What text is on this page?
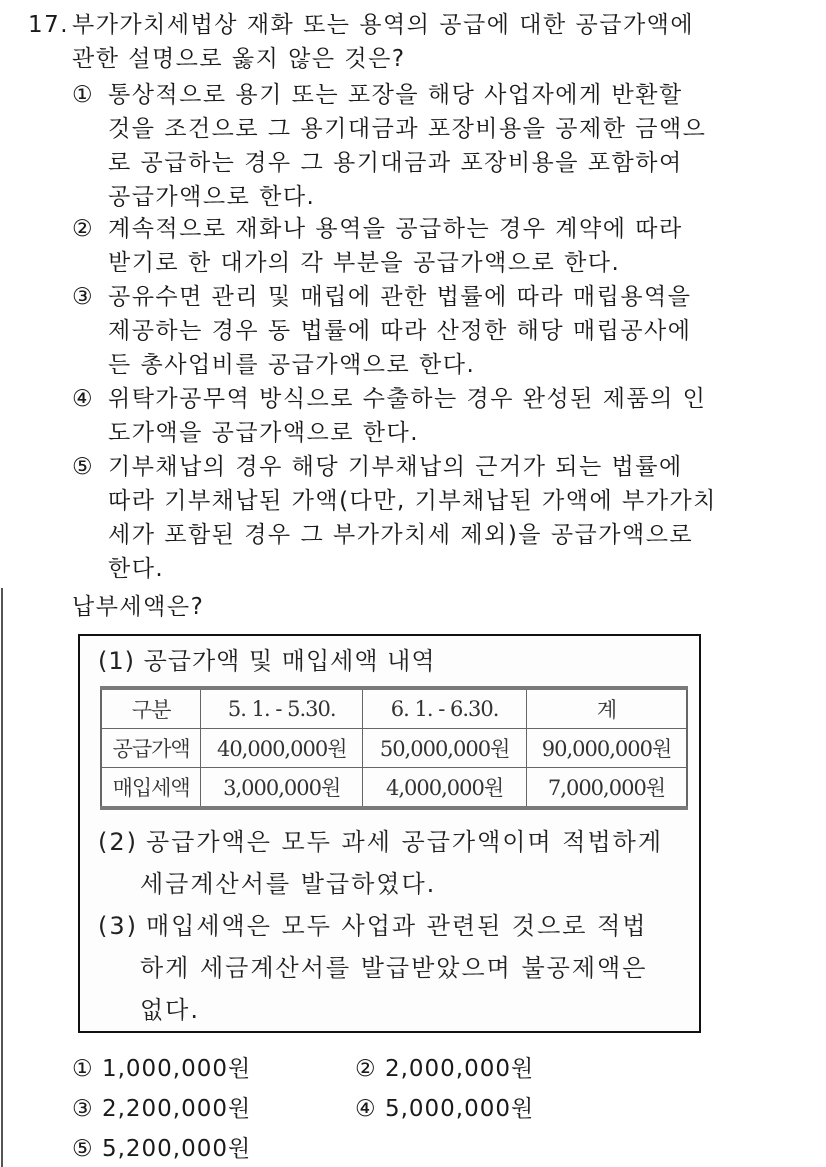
17. 부가가치세법상 재화 또는 용역의 공급에 대한 공급가액에
관한 설명으로 옳지 않은 것은?
① 통상적으로 용기 또는 포장을 해당 사업자에게 반환할
것을 조건으로 그 용기대금과 포장비용을 공제한 금액으
로 공급하는 경우 그 용기대금과 포장비용을 포함하여
공급가액으로 한다.
② 계속적으로 재화나 용역을 공급하는 경우 계약에 따라
받기로 한 대가의 각 부분을 공급가액으로 한다.
③ 공유수면 관리 및 매립에 관한 법률에 따라 매립용역을
제공하는 경우 동 법률에 따라 산정한 해당 매립공사에
든 총사업비를 공급가액으로 한다.
④ 위탁가공무역 방식으로 수출하는 경우 완성된 제품의 인
도가액을 공급가액으로 한다.
⑤ 기부채납의 경우 해당 기부채납의 근거가 되는 법률에
따라 기부채납된 가액(다만, 기부채납된 가액에 부가가치
세가 포함된 경우 그 부가가치세 제외)을 공급가액으로
한다.
납부세액은?
(1) 공급가액 및 매입세액 내역
구분	5. 1. - 5.30.	6. 1. - 6.30.	계
공급가액	40,000,000원	50,000,000원	90,000,000원
매입세액	3,000,000원	4,000,000원	7,000,000원
(2) 공급가액은 모두 과세 공급가액이며 적법하게
세금계산서를 발급하였다.
(3) 매입세액은 모두 사업과 관련된 것으로 적법
하게 세금계산서를 발급받았으며 불공제액은
없다.
① 1,000,000원	② 2,000,000원
③ 2,200,000원	④ 5,000,000원
⑤ 5,200,000원
